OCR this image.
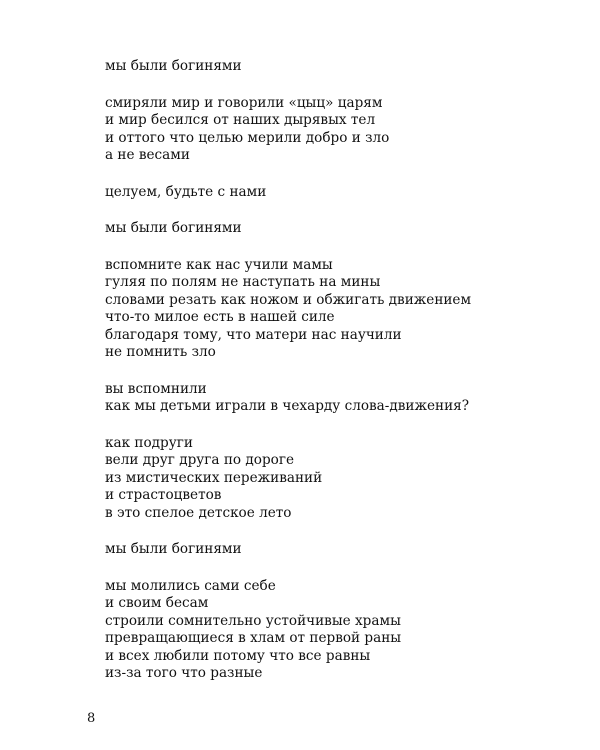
мы были богинями
смиряли мир и говорили «цыц» царям
и мир бесился от наших дырявых тел
и оттого что целью мерили добро и зло
а не весами
целуем, будьте с нами
мы были богинями
вспомните как нас учили мамы
гуляя по полям не наступать на мины
словами резать как ножом и обжигать движением
что-то милое есть в нашей силе
благодаря тому, что матери нас научили
не помнить зло
вы вспомнили
как мы детьми играли в чехарду слова-движения?
как подруги
вели друг друга по дороге
из мистических переживаний
и страстоцветов
в это спелое детское лето
мы были богинями
мы молились сами себе
и своим бесам
строили сомнительно устойчивые храмы
превращающиеся в хлам от первой раны
и всех любили потому что все равны
из-за того что разные
8
